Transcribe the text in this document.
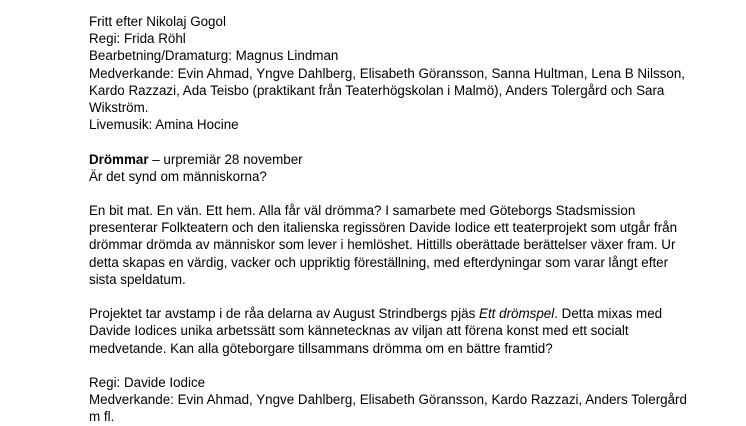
Fritt efter Nikolaj Gogol
Regi: Frida Röhl
Bearbetning/Dramaturg: Magnus Lindman
Medverkande: Evin Ahmad, Yngve Dahlberg, Elisabeth Göransson, Sanna Hultman, Lena B Nilsson,
Kardo Razzazi, Ada Teisbo (praktikant från Teaterhögskolan i Malmö), Anders Tolergård och Sara
Wikström.
Livemusik: Amina Hocine
Drömmar – urpremiär 28 november
Är det synd om människorna?
En bit mat. En vän. Ett hem. Alla får väl drömma? I samarbete med Göteborgs Stadsmission
presenterar Folkteatern och den italienska regissören Davide Iodice ett teaterprojekt som utgår från
drömmar drömda av människor som lever i hemlöshet. Hittills oberättade berättelser växer fram. Ur
detta skapas en värdig, vacker och uppriktig föreställning, med efterdyningar som varar långt efter
sista speldatum.
Projektet tar avstamp i de råa delarna av August Strindbergs pjäs Ett drömspel. Detta mixas med
Davide Iodices unika arbetssätt som kännetecknas av viljan att förena konst med ett socialt
medvetande. Kan alla göteborgare tillsammans drömma om en bättre framtid?
Regi: Davide Iodice
Medverkande: Evin Ahmad, Yngve Dahlberg, Elisabeth Göransson, Kardo Razzazi, Anders Tolergård
m fl.
